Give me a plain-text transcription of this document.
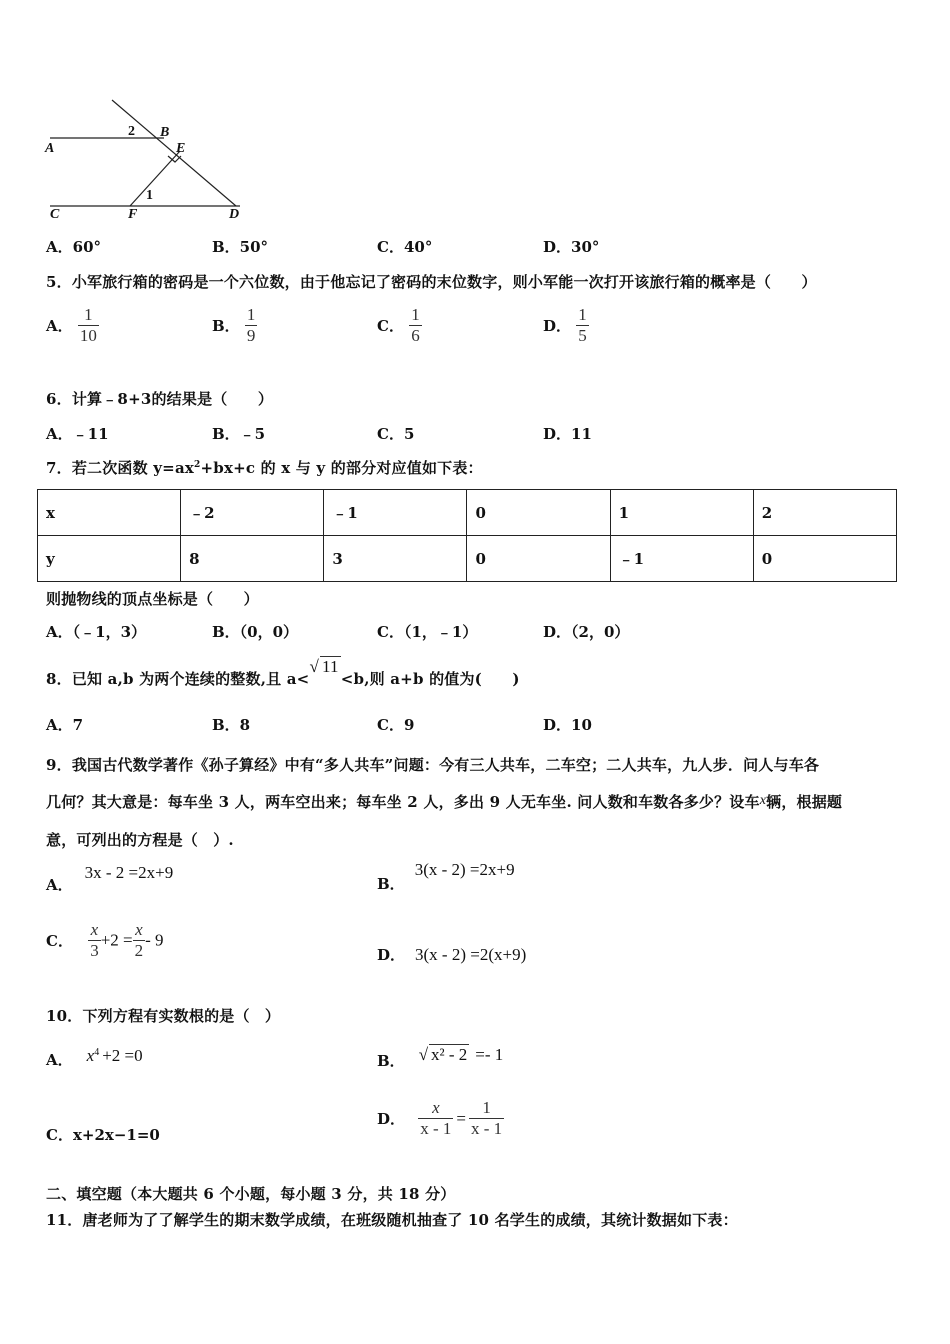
A
B
E
C	F	D
2
1
A．60°	B．50°	C．40°	D．30°
5．小军旅行箱的密码是一个六位数，由于他忘记了密码的末位数字，则小军能一次打开该旅行箱的概率是（　　）
A． $\frac{1}{10}$	B． $\frac{1}{9}$	C． $\frac{1}{6}$	D． $\frac{1}{5}$
6．计算﹣8+3的结果是（　　）
A．﹣11	B．﹣5	C．5	D．11
7．若二次函数 $y=ax^2+bx+c$ 的 x 与 y 的部分对应值如下表：
x	﹣2	﹣1	0	1	2
y	8	3	0	﹣1	0
则抛物线的顶点坐标是（　　）
A．（﹣1，3）	B．（0，0）	C．（1，﹣1）	D．（2，0）
8．已知 a,b 为两个连续的整数,且 a<√ 11<b,则 a+b 的值为(　　)
A．7	B．8	C．9	D．10
9．我国古代数学著作《孙子算经》中有“多人共车”问题：今有三人共车，二车空；二人共车，九人步．问人与车各
几何？其大意是：每车坐 3 人，两车空出来；每车坐 2 人，多出 9 人无车坐. 问人数和车数各多少？设车x辆，根据题
意，可列出的方程是（　）.
A．3x - 2 =2x+9
B．3(x - 2) =2x+9
C． $\frac{x}{3} +2 = \frac{x}{2} - 9$
D． 3(x - 2) =2(x+9)
10．下列方程有实数根的是（　）
A． $x^4 +2 =0$	B． √ x² - 2 =- 1
C．x+2x−1=0
D． $\frac{x}{x - 1} = \frac{1}{x - 1}$
二、填空题（本大题共 6 个小题，每小题 3 分，共 18 分）
11．唐老师为了了解学生的期末数学成绩，在班级随机抽查了 10 名学生的成绩，其统计数据如下表：
